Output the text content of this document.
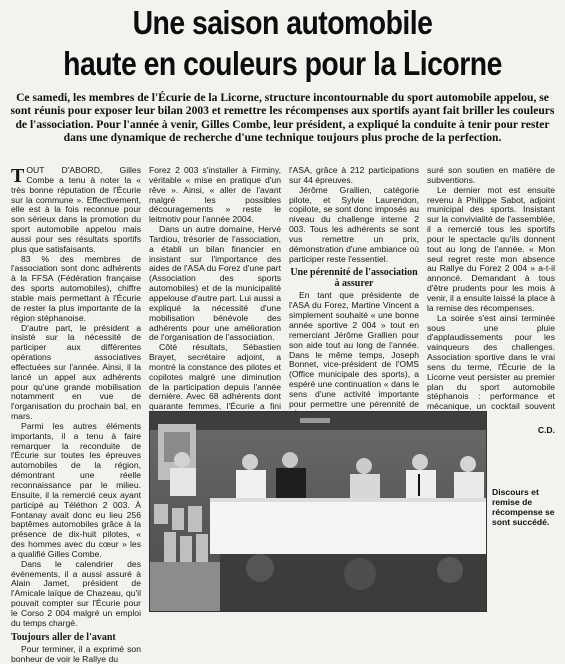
Une saison automobile
haute en couleurs pour la Licorne
Ce samedi, les membres de l'Écurie de la Licorne, structure incontournable du sport automobile appelou, se sont réunis pour exposer leur bilan 2003 et remettre les récompenses aux sportifs ayant fait briller les couleurs de l'association. Pour l'année à venir, Gilles Combe, leur président, a expliqué la conduite à tenir pour rester dans une dynamique de recherche d'une technique toujours plus proche de la perfection.

TOUT D'ABORD, Gilles Combe a tenu à noter la « très bonne réputation de l'Écurie sur la commune ». Effectivement, elle est à la fois reconnue pour son sérieux dans la promotion du sport automobile appelou mais aussi pour ses résultats sportifs plus que satisfaisants.

83 % des membres de l'association sont donc adhérents à la FFSA (Fédération française des sports automobiles), chiffre stable mais permettant à l'Écurie de rester la plus importante de la région stéphanoise.

D'autre part, le président a insisté sur la nécessité de participer aux différentes opérations associatives effectuées sur l'année. Ainsi, il la lancé un appel aux adhérents pour qu'une grande mobilisation notamment en vue de l'organisation du prochain bal, en mars.

Parmi les autres éléments importants, il a tenu à faire remarquer la reconduite de l'Écurie sur toutes les épreuves automobiles de la région, démontrant une réelle reconnaissance par le milieu. Ensuite, il la remercié ceux ayant participé au Téléthon 2 003. À Fontanay avait donc eu lieu 256 baptêmes automobiles grâce à la présence de dix-huit pilotes, « des hommes avec du cœur » les a qualifié Gilles Combe.

Dans le calendrier des événements, il a aussi assuré à Alain Jamet, président de l'Amicale laïque de Chazeau, qu'il pouvait compter sur l'Écurie pour le Corso 2 004 malgré un emploi du temps chargé.

Toujours aller de l'avant

Pour terminer, il a exprimé son bonheur de voir le Rallye du

Forez 2 003 s'installer à Firminy, véritable « mise en pratique d'un rêve ». Ainsi, « aller de l'avant malgré les possibles découragements » reste le leitmotiv pour l'année 2004.

Dans un autre domaine, Hervé Tardiou, trésorier de l'association, a établi un bilan financier en insistant sur l'importance des aides de l'ASA du Forez d'une part (Association des sports automobiles) et de la municipalité appelouse d'autre part. Lui aussi a expliqué la nécessité d'une mobilisation bénévole des adhérents pour une amélioration de l'organisation de l'association.

Côté résultats, Sébastien Brayet, secrétaire adjoint, a montré la constance des pilotes et copilotes malgré une diminution de la participation depuis l'année dernière. Avec 68 adhérents dont quarante femmes, l'Écurie a fini

l'ASA, grâce à 212 participations sur 44 épreuves.

Jérôme Grallien, catégorie pilote, et Sylvie Laurendon, copilote, se sont donc imposés au niveau du challenge interne 2 003. Tous les adhérents se sont vus remettre un prix, démonstration d'une ambiance où participer reste l'essentiel.

Une pérennité de l'association à assurer

En tant que présidente de l'ASA du Forez, Martine Vincent a simplement souhaité « une bonne année sportive 2 004 » tout en remerciant Jérôme Grallien pour son aide tout au long de l'année. Dans le même temps, Joseph Bonnet, vice-président de l'OMS (Office municipale des sports), a espéré une continuation « dans le sens d'une activité importante pour permettre une pérennité de

suré son soutien en matière de subventions.

Le dernier mot est ensuite revenu à Philippe Sabot, adjoint municipal des sports. Insistant sur la convivialité de l'assemblée, il a remercié tous les sportifs pour le spectacle qu'ils donnent tout au long de l'année. « Mon seul regret reste mon absence au Rallye du Forez 2 004 » a-t-il annoncé. Demandant à tous d'être prudents pour les mois à venir, il a ensuite laissé la place à la remise des récompenses.

La soirée s'est ainsi terminée sous une pluie d'applaudissements pour les vainqueurs des challenges. Association sportive dans le vrai sens du terme, l'Écurie de la Licorne veut persister au premier plan du sport automobile stéphanois : performance et mécanique, un cocktail souvent

C.D.
Discours et remise de récompense se sont succédé.
